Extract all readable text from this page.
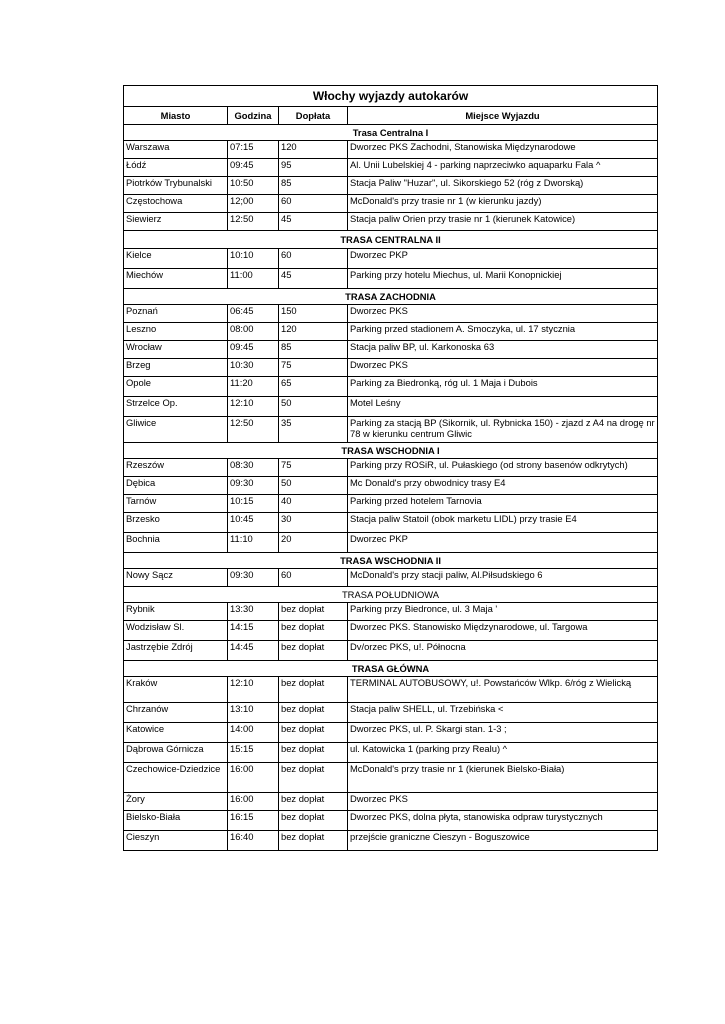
Włochy wyjazdy autokarów			
Miasto	Godzina	Dopłata	Miejsce Wyjazdu
Trasa Centralna I			
Warszawa	07:15	120	Dworzec PKS Zachodni, Stanowiska Międzynarodowe
Łódź	09:45	95	Al. Unii Lubelskiej 4 - parking naprzeciwko aquaparku Fala ^
Piotrków Trybunalski	10:50	85	Stacja Paliw "Huzar", ul. Sikorskiego 52 (róg z Dworską)
Częstochowa	12;00	60	McDonald's przy trasie nr 1 (w kierunku jazdy)
Siewierz	12:50	45	Stacja paliw Orien przy trasie nr 1 (kierunek Katowice)
TRASA CENTRALNA II			
Kielce	10:10	60	Dworzec PKP
Miechów	11:00	45	Parking przy hotelu Miechus, ul. Marii Konopnickiej
TRASA ZACHODNIA			
Poznań	06:45	150	Dworzec PKS
Leszno	08:00	120	Parking przed stadionem A. Smoczyka, ul. 17 stycznia
Wrocław	09:45	85	Stacja paliw BP, ul. Karkonoska 63
Brzeg	10:30	75	Dworzec PKS
Opole	11:20	65	Parking za Biedronką, róg ul. 1 Maja i Dubois
Strzelce Op.	12:10	50	Motel Leśny
Gliwice	12:50	35	Parking za stacją BP (Sikornik, ul. Rybnicka 150) - zjazd z A4 na drogę nr 78 w kierunku centrum Gliwic
TRASA WSCHODNIA I			
Rzeszów	08:30	75	Parking przy ROSiR, ul. Pułaskiego (od strony basenów odkrytych)
Dębica	09:30	50	Mc Donald's przy obwodnicy trasy E4
Tarnów	10:15	40	Parking przed hotelem Tarnovia
Brzesko	10:45	30	Stacja paliw Statoil (obok marketu LIDL) przy trasie E4
Bochnia	11:10	20	Dworzec PKP
TRASA WSCHODNIA II			
Nowy Sącz	09:30	60	McDonald's przy stacji paliw, Al.Piłsudskiego 6
TRASA POŁUDNIOWA			
Rybnik	13:30	bez dopłat	Parking przy Biedronce, ul. 3 Maja '
Wodzisław Sl.	14:15	bez dopłat	Dworzec PKS. Stanowisko Międzynarodowe, ul. Targowa
Jastrzębie Zdrój	14:45	bez dopłat	Dv/orzec PKS, u!. Północna
TRASA GŁÓWNA			
Kraków	12:10	bez dopłat	TERMINAL AUTOBUSOWY, u!. Powstańców Wlkp. 6/róg z Wielicką
Chrzanów	13:10	bez dopłat	Stacja paliw SHELL, ul. Trzebińska <
Katowice	14:00	bez dopłat	Dworzec PKS, ul. P. Skargi stan. 1-3 ;
Dąbrowa Górnicza	15:15	bez dopłat	ul. Katowicka 1 (parking przy Realu) ^
Czechowice-Dziedzice	16:00	bez dopłat	McDonald's przy trasie nr 1 (kierunek Bielsko-Biała)
Żory	16:00	bez dopłat	Dworzec PKS
Bielsko-Biała	16:15	bez dopłat	Dworzec PKS, dolna płyta, stanowiska odpraw turystycznych
Cieszyn	16:40	bez dopłat	przejście graniczne Cieszyn - Boguszowice
